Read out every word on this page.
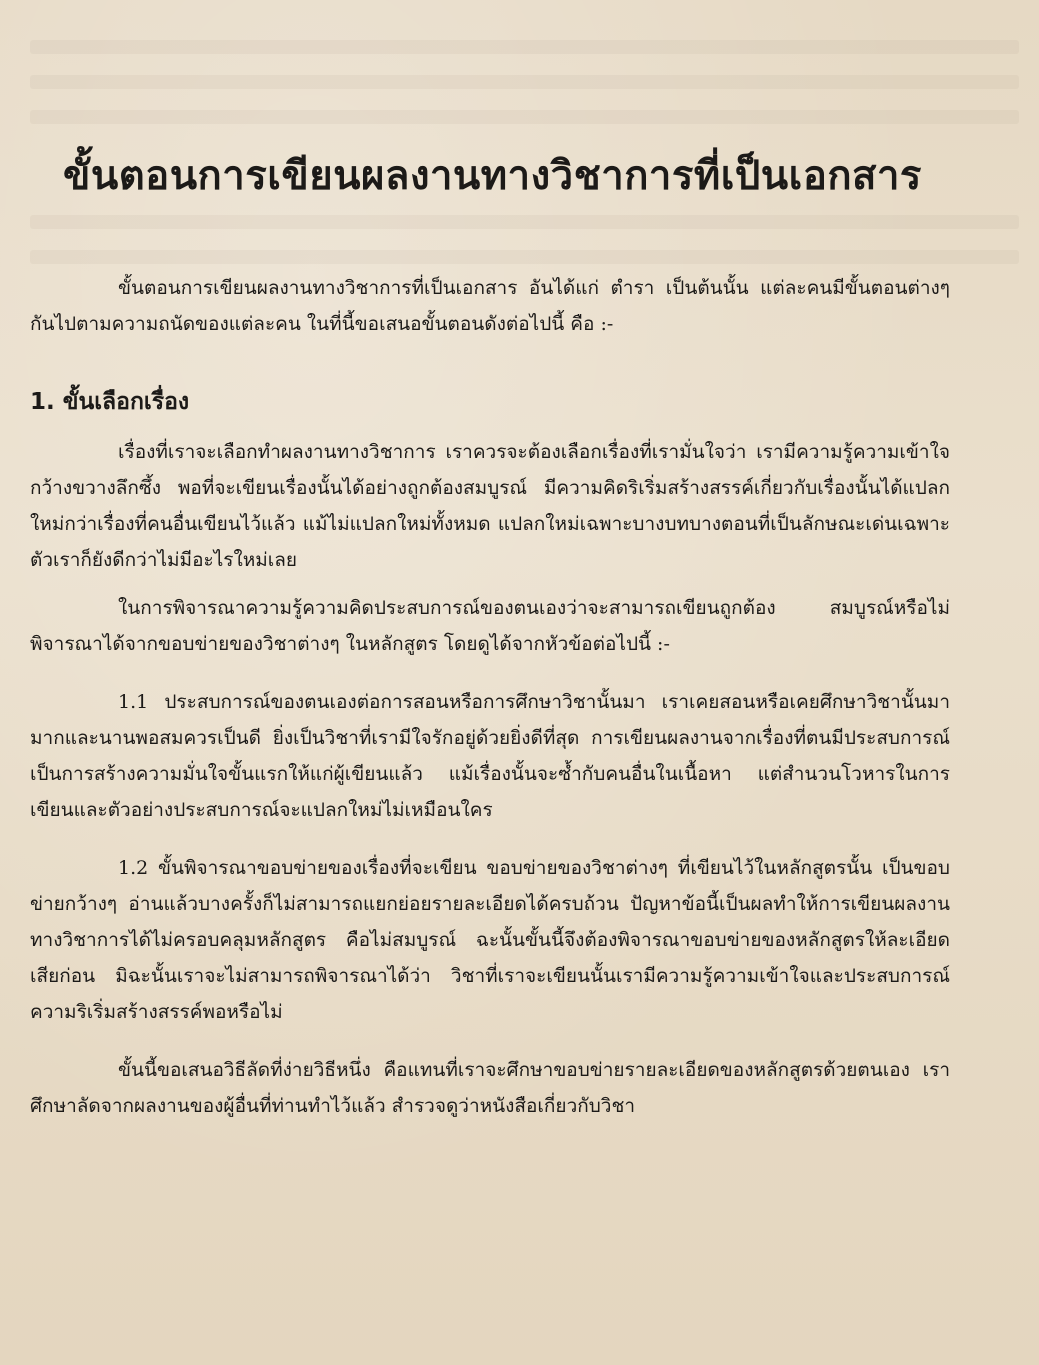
ขั้นตอนการเขียนผลงานทางวิชาการที่เป็นเอกสาร

ขั้นตอนการเขียนผลงานทางวิชาการที่เป็นเอกสาร อันได้แก่ ตำรา เป็นต้นนั้น แต่ละคนมีขั้นตอนต่างๆ กันไปตามความถนัดของแต่ละคน ในที่นี้ขอเสนอขั้นตอนดังต่อไปนี้ คือ :-

1. ขั้นเลือกเรื่อง

เรื่องที่เราจะเลือกทำผลงานทางวิชาการ เราควรจะต้องเลือกเรื่องที่เรามั่นใจว่า เรามีความรู้ความเข้าใจกว้างขวางลึกซึ้ง พอที่จะเขียนเรื่องนั้นได้อย่างถูกต้องสมบูรณ์ มีความคิดริเริ่มสร้างสรรค์เกี่ยวกับเรื่องนั้นได้แปลกใหม่กว่าเรื่องที่คนอื่นเขียนไว้แล้ว แม้ไม่แปลกใหม่ทั้งหมด แปลกใหม่เฉพาะบางบทบางตอนที่เป็นลักษณะเด่นเฉพาะตัวเราก็ยังดีกว่าไม่มีอะไรใหม่เลย

ในการพิจารณาความรู้ความคิดประสบการณ์ของตนเองว่าจะสามารถเขียนถูกต้อง สมบูรณ์หรือไม่ พิจารณาได้จากขอบข่ายของวิชาต่างๆ ในหลักสูตร โดยดูได้จากหัวข้อต่อไปนี้ :-

1.1 ประสบการณ์ของตนเองต่อการสอนหรือการศึกษาวิชานั้นมา เราเคยสอนหรือเคยศึกษาวิชานั้นมามากและนานพอสมควรเป็นดี ยิ่งเป็นวิชาที่เรามีใจรักอยู่ด้วยยิ่งดีที่สุด การเขียนผลงานจากเรื่องที่ตนมีประสบการณ์ เป็นการสร้างความมั่นใจขั้นแรกให้แก่ผู้เขียนแล้ว แม้เรื่องนั้นจะซ้ำกับคนอื่นในเนื้อหา แต่สำนวนโวหารในการเขียนและตัวอย่างประสบการณ์จะแปลกใหม่ไม่เหมือนใคร

1.2 ขั้นพิจารณาขอบข่ายของเรื่องที่จะเขียน ขอบข่ายของวิชาต่างๆ ที่เขียนไว้ในหลักสูตรนั้น เป็นขอบข่ายกว้างๆ อ่านแล้วบางครั้งก็ไม่สามารถแยกย่อยรายละเอียดได้ครบถ้วน ปัญหาข้อนี้เป็นผลทำให้การเขียนผลงานทางวิชาการได้ไม่ครอบคลุมหลักสูตร คือไม่สมบูรณ์ ฉะนั้นขั้นนี้จึงต้องพิจารณาขอบข่ายของหลักสูตรให้ละเอียดเสียก่อน มิฉะนั้นเราจะไม่สามารถพิจารณาได้ว่า วิชาที่เราจะเขียนนั้นเรามีความรู้ความเข้าใจและประสบการณ์ความริเริ่มสร้างสรรค์พอหรือไม่

ขั้นนี้ขอเสนอวิธีลัดที่ง่ายวิธีหนึ่ง คือแทนที่เราจะศึกษาขอบข่ายรายละเอียดของหลักสูตรด้วยตนเอง เราศึกษาลัดจากผลงานของผู้อื่นที่ท่านทำไว้แล้ว สำรวจดูว่าหนังสือเกี่ยวกับวิชา
